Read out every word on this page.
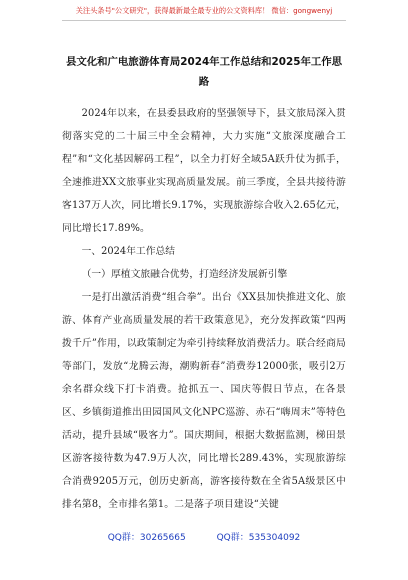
关注头条号"公文研究"，获得最新最全最专业的公文资料库！ 微信：gongwenyj
县文化和广电旅游体育局2024年工作总结和2025年工作思路

2024年以来，在县委县政府的坚强领导下，县文旅局深入贯彻落实党的二十届三中全会精神，大力实施“文旅深度融合工程”和“文化基因解码工程”，以全力打好全域5A跃升仗为抓手，全速推进XX文旅事业实现高质量发展。前三季度，全县共接待游客137万人次，同比增长9.17%，实现旅游综合收入2.65亿元，同比增长17.89%。

一、2024年工作总结

（一）厚植文旅融合优势，打造经济发展新引擎

一是打出激活消费“组合拳”。出台《XX县加快推进文化、旅游、体育产业高质量发展的若干政策意见》，充分发挥政策“四两拨千斤”作用，以政策制定为牵引持续释放消费活力。联合经商局等部门，发放“龙腾云海，潮购新春”消费券12000张，吸引2万余名群众线下打卡消费。抢抓五一、国庆等假日节点，在各景区、乡镇街道推出田园国风文化NPC巡游、赤石“嗨周末”等特色活动，提升县域“吸客力”。国庆期间，根据大数据监测，梯田景区游客接待数为47.9万人次，同比增长289.43%，实现旅游综合消费9205万元，创历史新高，游客接待数在全省5A级景区中排名第8，全市排名第1。二是落子项目建设“关键

QQ群：30265665	QQ群：535304092
